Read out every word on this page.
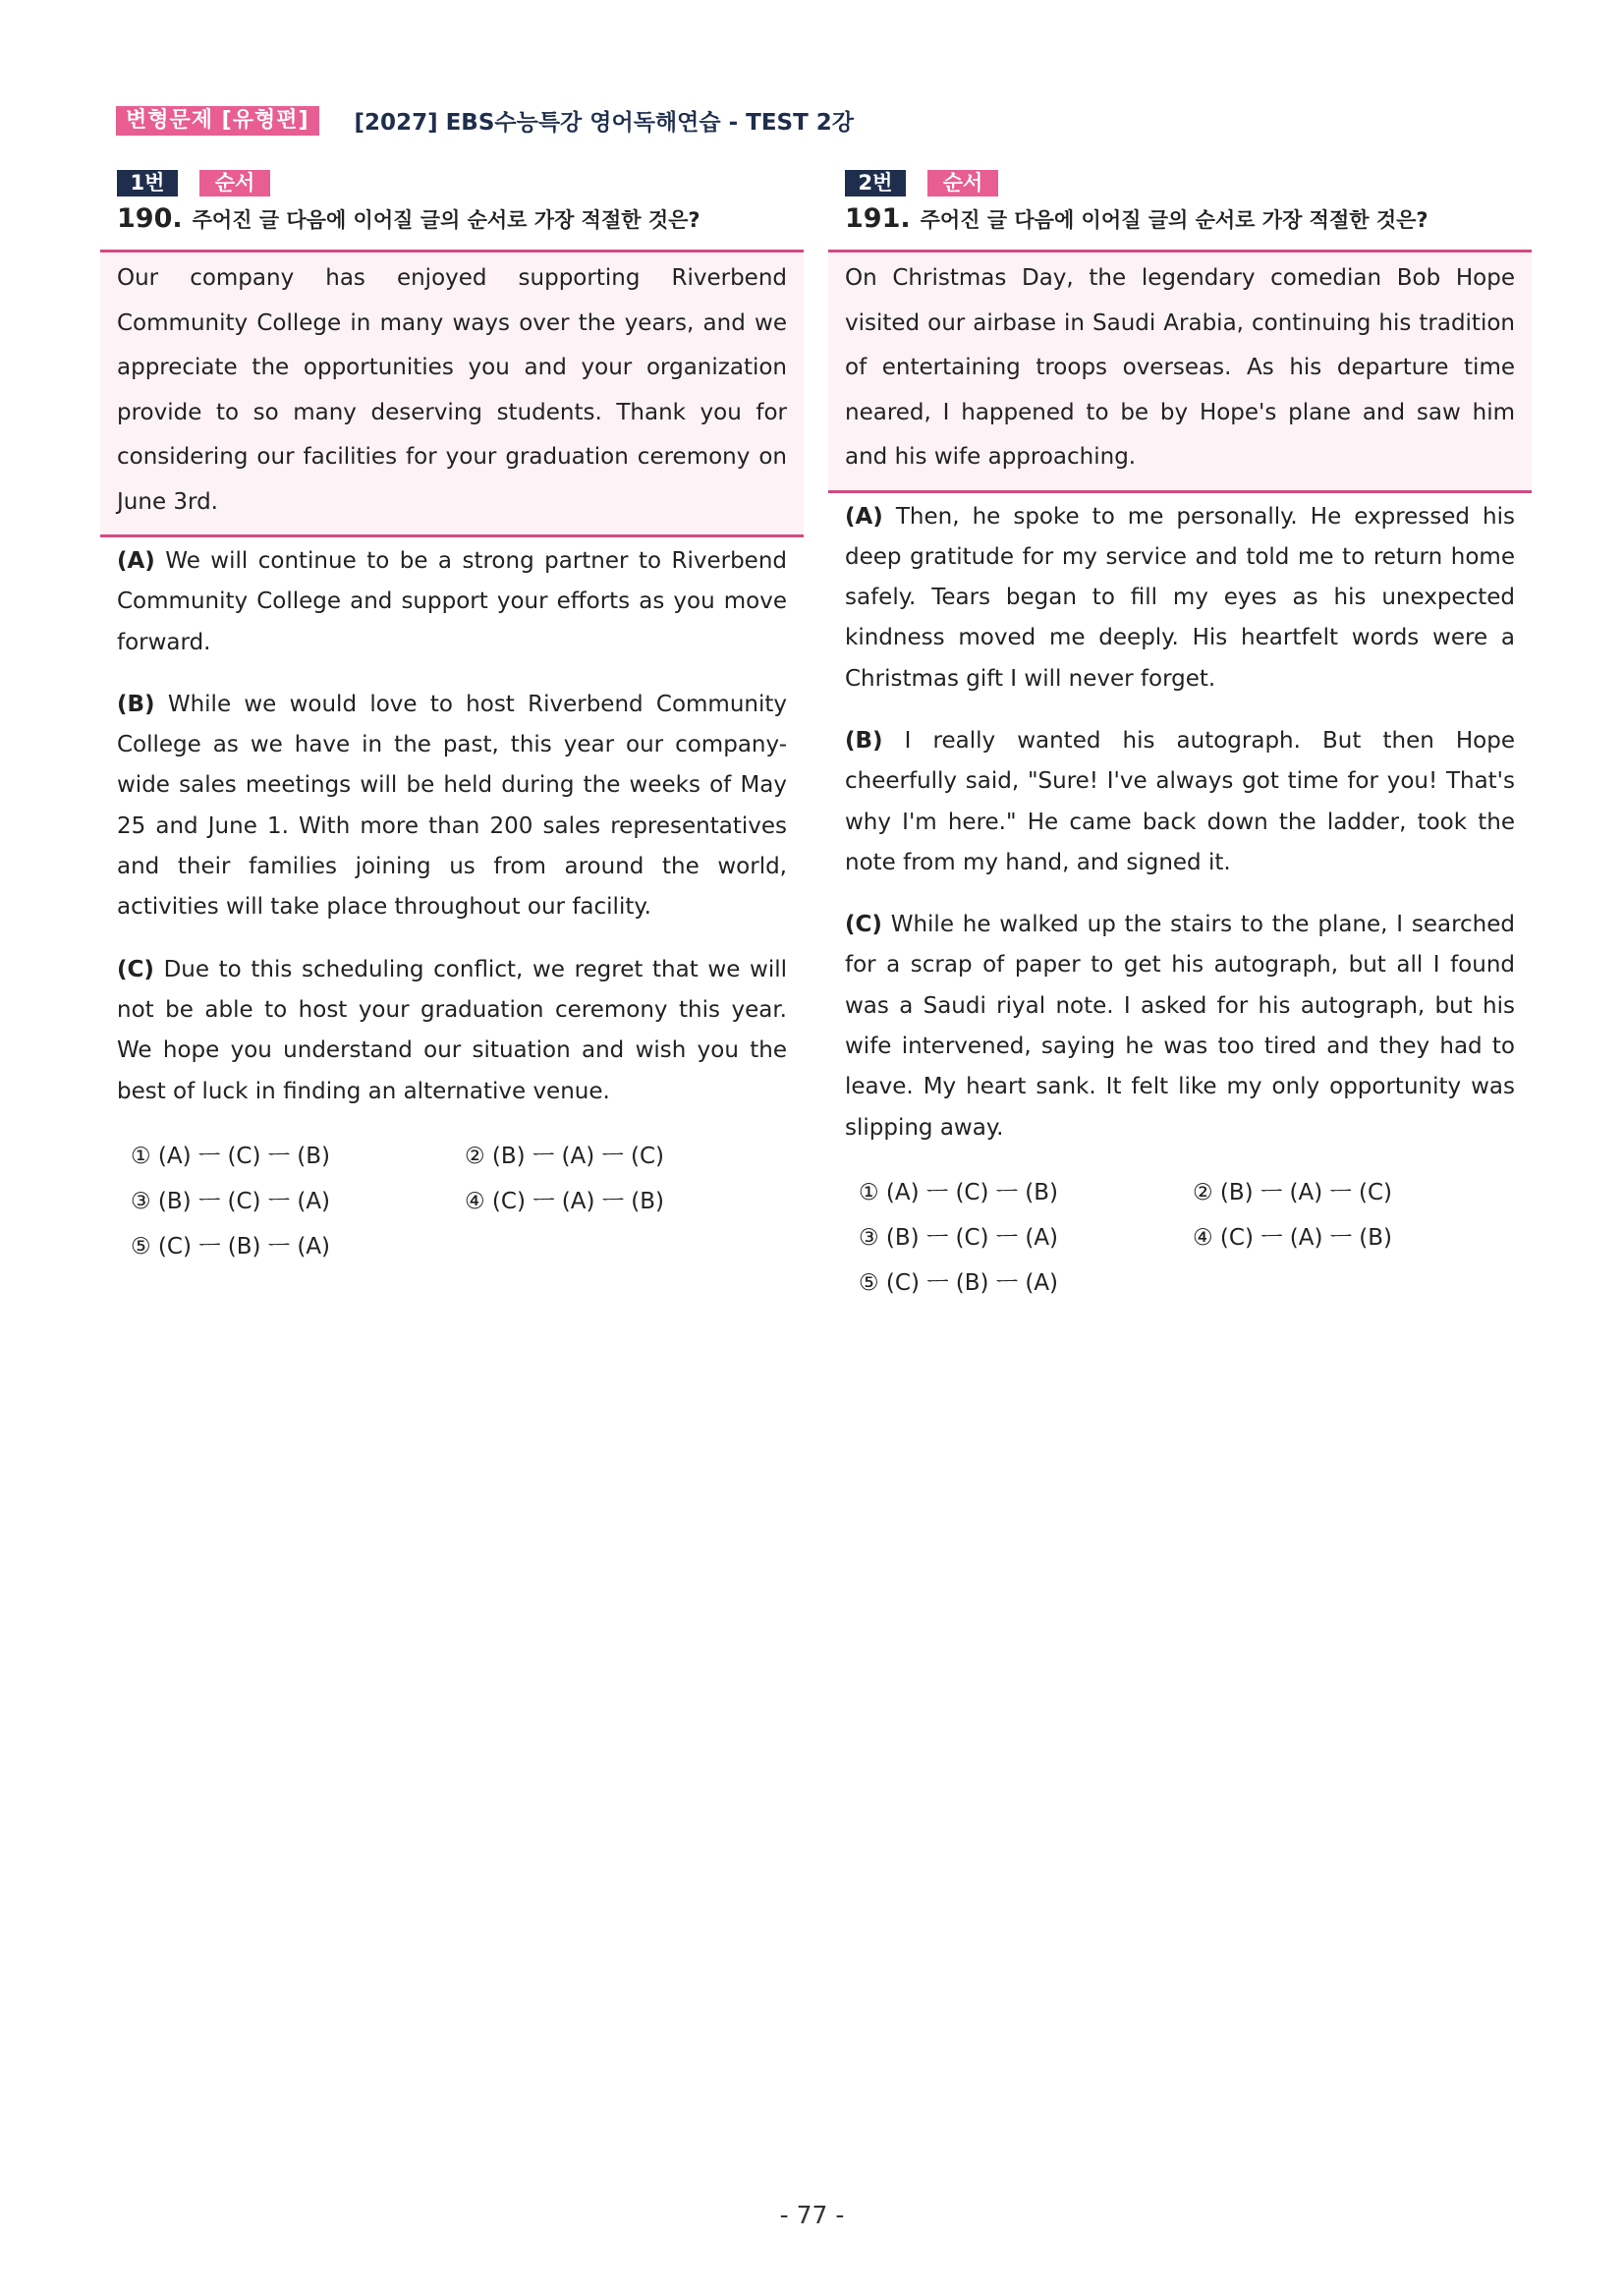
변형문제 [유형편]	[2027] EBS수능특강 영어독해연습 - TEST 2강
1번	순서
190. 주어진 글 다음에 이어질 글의 순서로 가장 적절한 것은?
Our company has enjoyed supporting Riverbend Community College in many ways over the years, and we appreciate the opportunities you and your organization provide to so many deserving students. Thank you for considering our facilities for your graduation ceremony on June 3rd.
(A) We will continue to be a strong partner to Riverbend Community College and support your efforts as you move forward.
(B) While we would love to host Riverbend Community College as we have in the past, this year our company-wide sales meetings will be held during the weeks of May 25 and June 1. With more than 200 sales representatives and their families joining us from around the world, activities will take place throughout our facility.
(C) Due to this scheduling conflict, we regret that we will not be able to host your graduation ceremony this year. We hope you understand our situation and wish you the best of luck in finding an alternative venue.
① (A) ㅡ (C) ㅡ (B)	② (B) ㅡ (A) ㅡ (C)
③ (B) ㅡ (C) ㅡ (A)	④ (C) ㅡ (A) ㅡ (B)
⑤ (C) ㅡ (B) ㅡ (A)
2번	순서
191. 주어진 글 다음에 이어질 글의 순서로 가장 적절한 것은?
On Christmas Day, the legendary comedian Bob Hope visited our airbase in Saudi Arabia, continuing his tradition of entertaining troops overseas. As his departure time neared, I happened to be by Hope's plane and saw him and his wife approaching.
(A) Then, he spoke to me personally. He expressed his deep gratitude for my service and told me to return home safely. Tears began to fill my eyes as his unexpected kindness moved me deeply. His heartfelt words were a Christmas gift I will never forget.
(B) I really wanted his autograph. But then Hope cheerfully said, "Sure! I've always got time for you! That's why I'm here." He came back down the ladder, took the note from my hand, and signed it.
(C) While he walked up the stairs to the plane, I searched for a scrap of paper to get his autograph, but all I found was a Saudi riyal note. I asked for his autograph, but his wife intervened, saying he was too tired and they had to leave. My heart sank. It felt like my only opportunity was slipping away.
① (A) ㅡ (C) ㅡ (B)	② (B) ㅡ (A) ㅡ (C)
③ (B) ㅡ (C) ㅡ (A)	④ (C) ㅡ (A) ㅡ (B)
⑤ (C) ㅡ (B) ㅡ (A)
- 77 -
